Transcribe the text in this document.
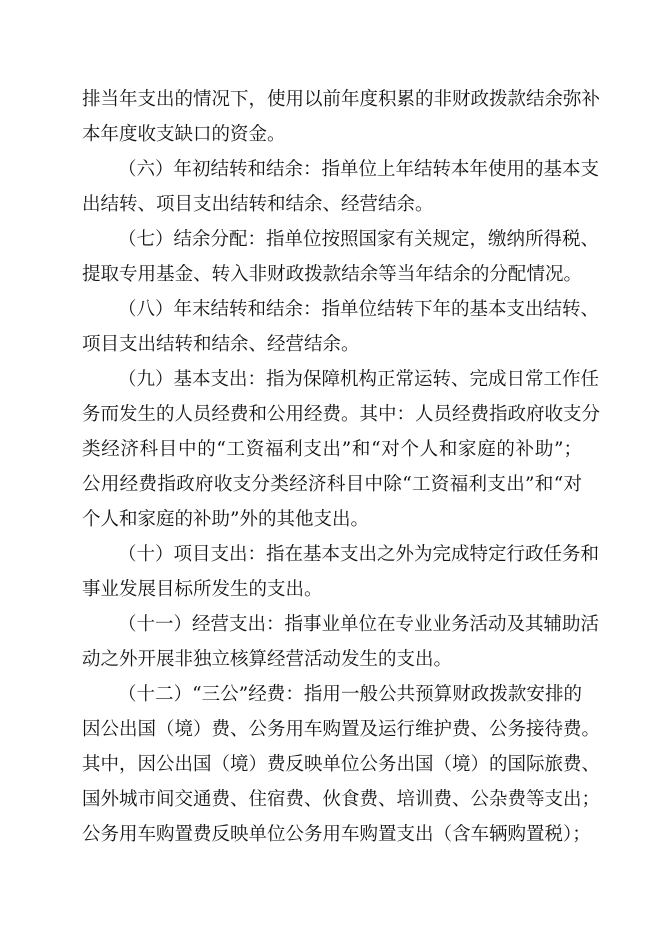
排当年支出的情况下，使用以前年度积累的非财政拨款结余弥补
本年度收支缺口的资金。
（六）年初结转和结余：指单位上年结转本年使用的基本支
出结转、项目支出结转和结余、经营结余。
（七）结余分配：指单位按照国家有关规定，缴纳所得税、
提取专用基金、转入非财政拨款结余等当年结余的分配情况。
（八）年末结转和结余：指单位结转下年的基本支出结转、
项目支出结转和结余、经营结余。
（九）基本支出：指为保障机构正常运转、完成日常工作任
务而发生的人员经费和公用经费。其中：人员经费指政府收支分
类经济科目中的“工资福利支出”和“对个人和家庭的补助”；
公用经费指政府收支分类经济科目中除“工资福利支出”和“对
个人和家庭的补助”外的其他支出。
（十）项目支出：指在基本支出之外为完成特定行政任务和
事业发展目标所发生的支出。
（十一）经营支出：指事业单位在专业业务活动及其辅助活
动之外开展非独立核算经营活动发生的支出。
（十二）“三公”经费：指用一般公共预算财政拨款安排的
因公出国（境）费、公务用车购置及运行维护费、公务接待费。
其中，因公出国（境）费反映单位公务出国（境）的国际旅费、
国外城市间交通费、住宿费、伙食费、培训费、公杂费等支出；
公务用车购置费反映单位公务用车购置支出（含车辆购置税）；
